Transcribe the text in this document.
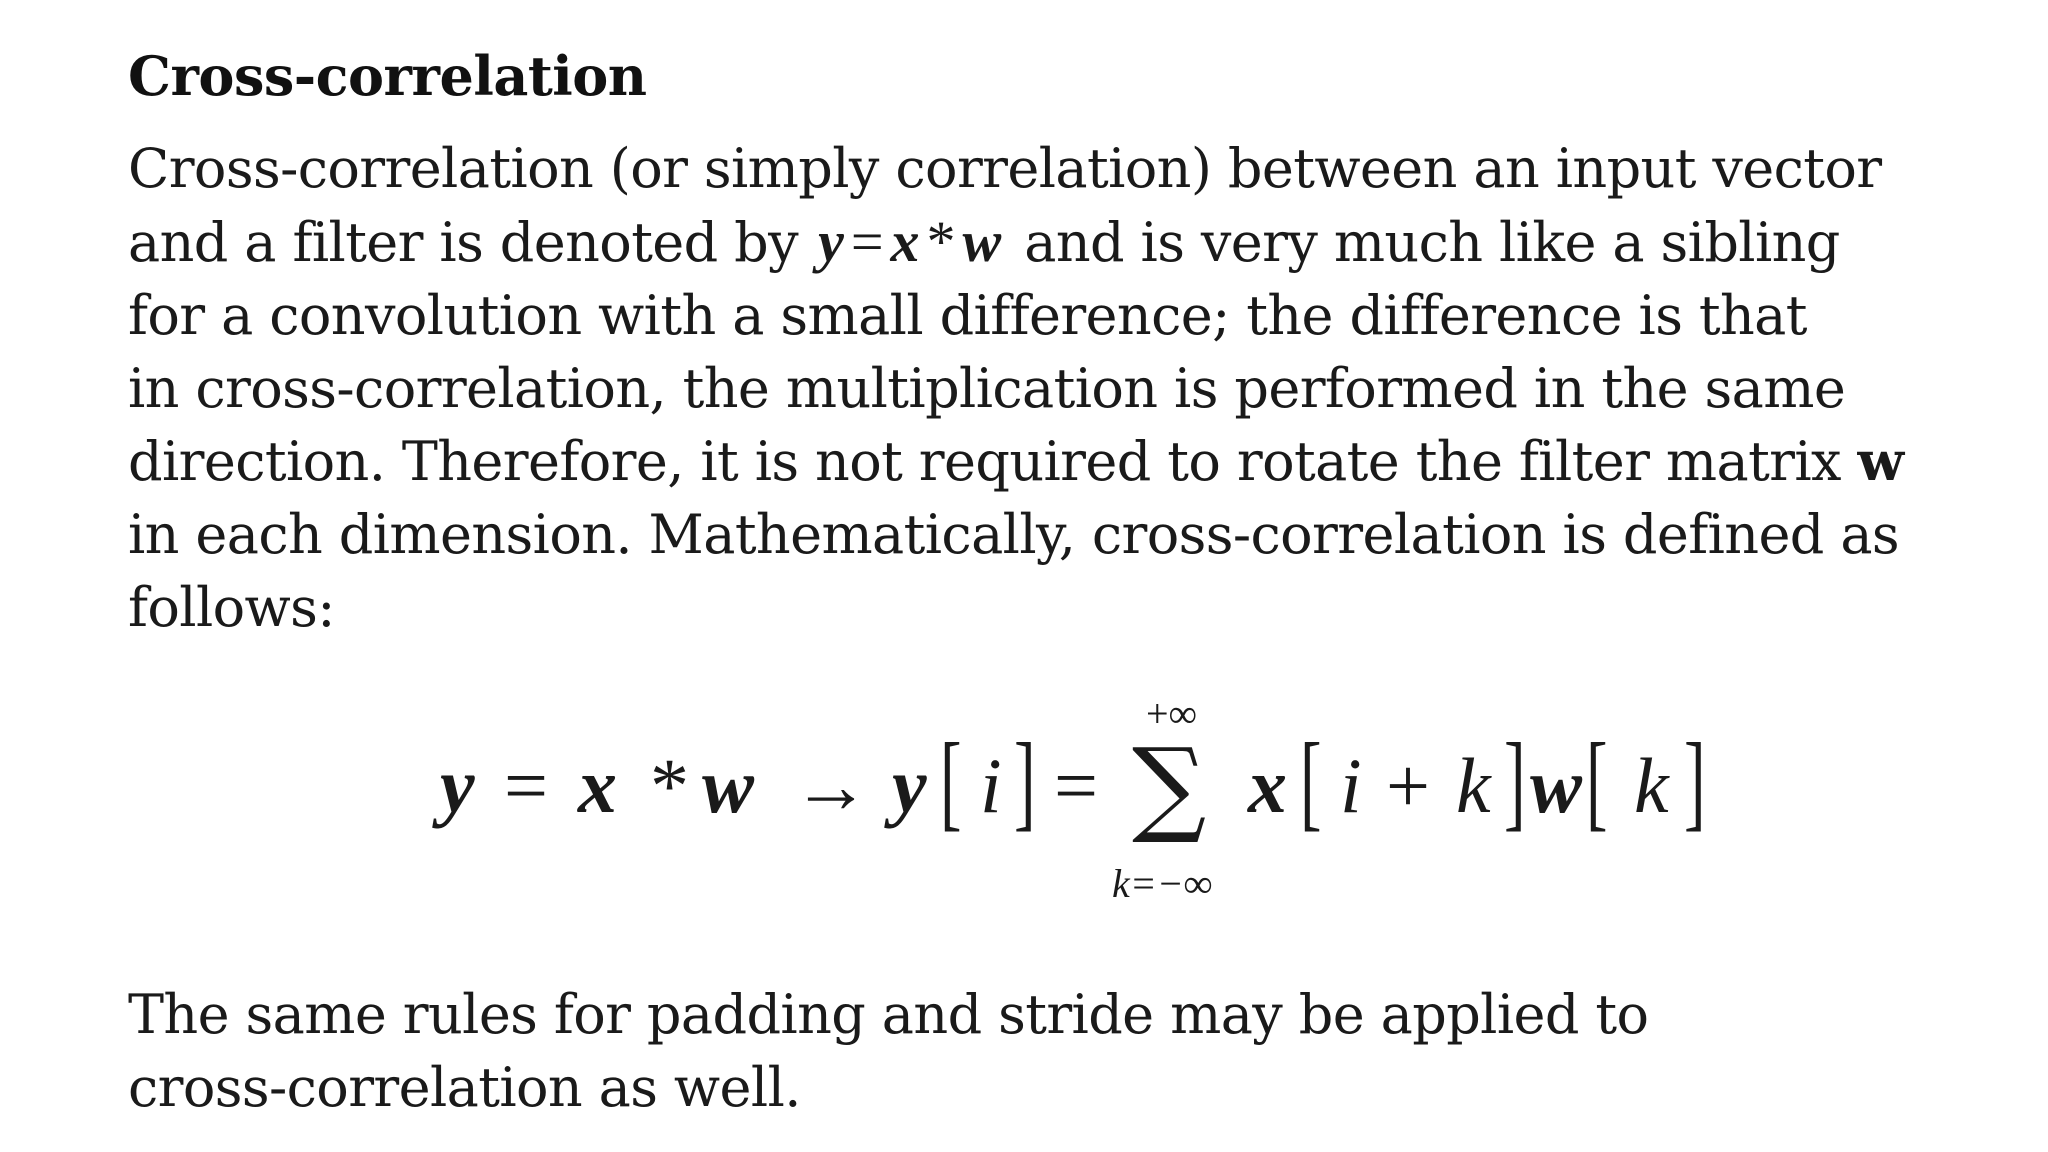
Cross-correlation
Cross-correlation (or simply correlation) between an input vector
and a filter is denoted by y = x * w and is very much like a sibling
for a convolution with a small difference; the difference is that
in cross-correlation, the multiplication is performed in the same
direction. Therefore, it is not required to rotate the filter matrix w
in each dimension. Mathematically, cross-correlation is defined as
follows:
y = x * w → y [ i ] =
+∞
∑
k=−∞
x [ i + k ] w [ k ]
The same rules for padding and stride may be applied to
cross-correlation as well.
